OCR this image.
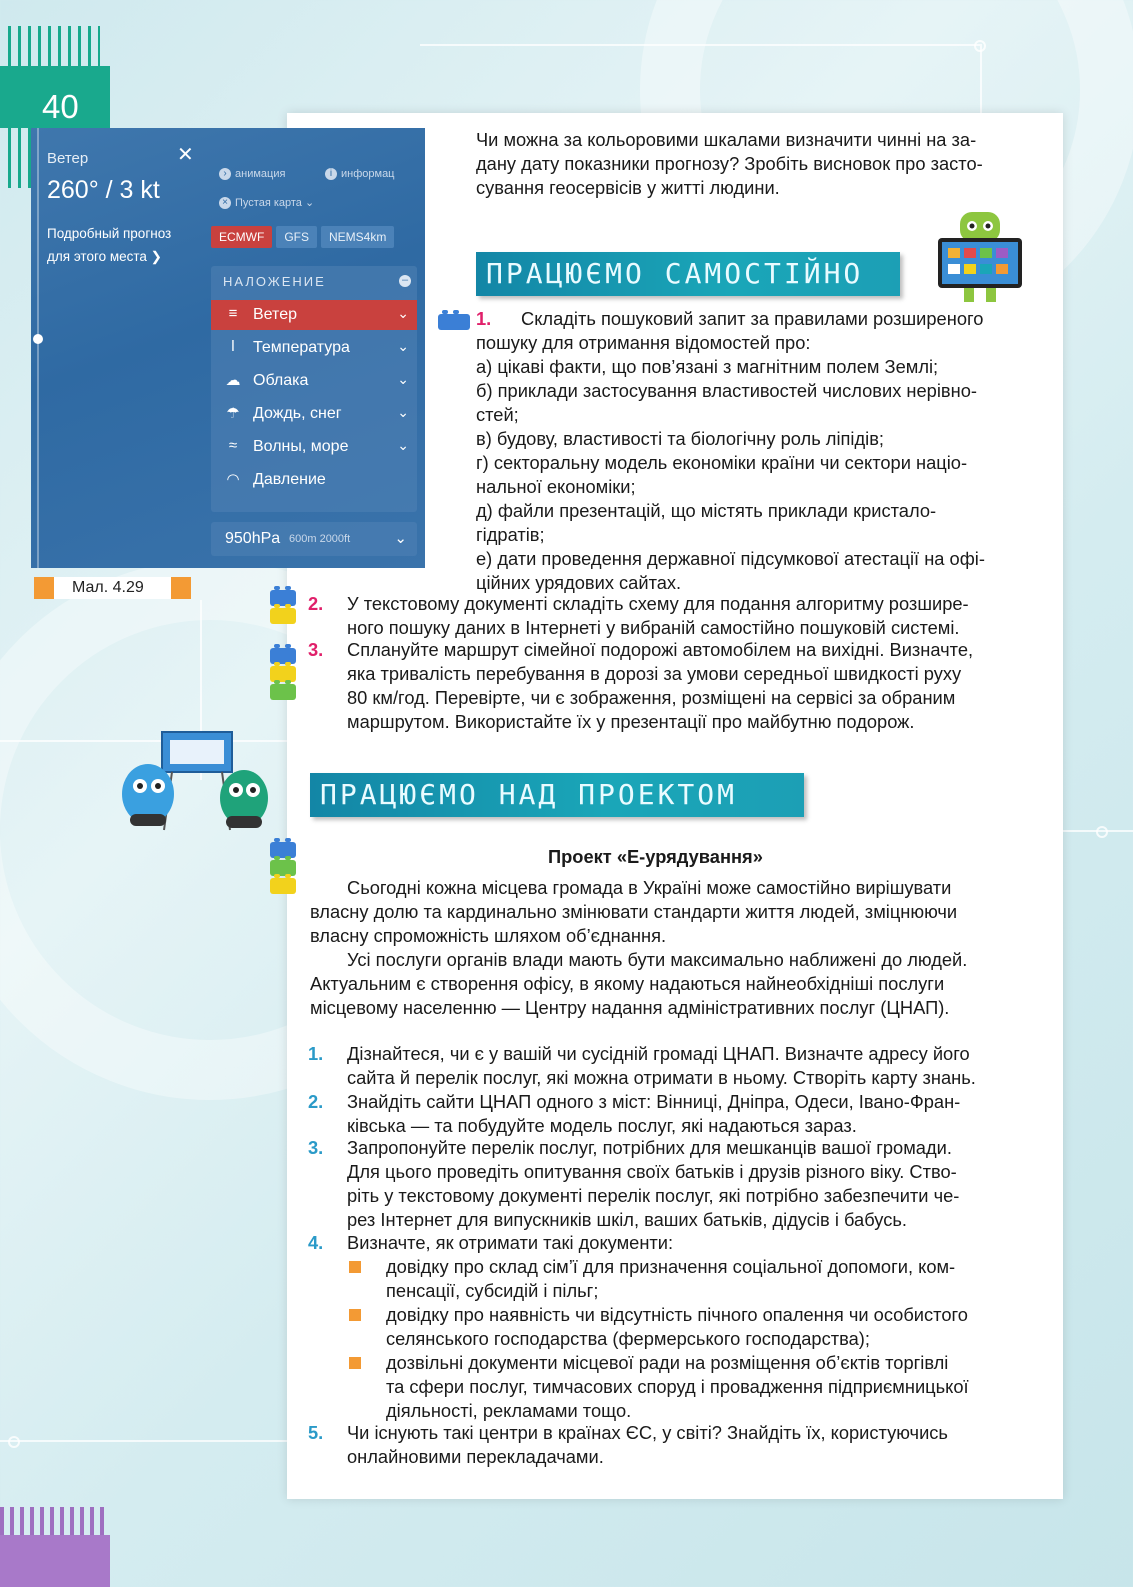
40
✕
Ветер
260° / 3 kt
Подробный прогноз
для этого места ❯
› анимация	i информац
× Пустая карта ⌄
ECMWF	GFS	NEMS4km
НАЛОЖЕНИЕ	–
≡ Ветер	⌄
ǀ	Температура	⌄
☁ Облака	⌄
☂ Дождь, снег	⌄
≈ Волны, море	⌄
◠ Давление
950hPa 600m 2000ft	⌄
Мал. 4.29
Чи можна за кольоровими шкалами визначити чинні на за-
дану дату показники прогнозу? Зробіть висновок про засто-
сування геосервісів у житті людини.
ПРАЦЮЄМО САМОСТІЙНО
1.	Складіть пошуковий запит за правилами розширеного
пошуку для отримання відомостей про:
а) цікаві факти, що пов’язані з магнітним полем Землі;
б) приклади застосування властивостей числових нерівно-
стей;
в) будову, властивості та біологічну роль ліпідів;
г) секторальну модель економіки країни чи сектори націо-
нальної економіки;
д) файли презентацій, що містять приклади кристало-
гідратів;
е) дати проведення державної підсумкової атестації на офі-
ційних урядових сайтах.
2. У текстовому документі складіть схему для подання алгоритму розшире-
ного пошуку даних в Інтернеті у вибраній самостійно пошуковій системі.
3. Сплануйте маршрут сімейної подорожі автомобілем на вихідні. Визначте,
яка тривалість перебування в дорозі за умови середньої швидкості руху
80 км/год. Перевірте, чи є зображення, розміщені на сервісі за обраним
маршрутом. Використайте їх у презентації про майбутню подорож.
ПРАЦЮЄМО НАД ПРОЕКТОМ
Проект «Е-урядування»
Сьогодні кожна місцева громада в Україні може самостійно вирішувати
власну долю та кардинально змінювати стандарти життя людей, зміцнюючи
власну спроможність шляхом об’єднання.
Усі послуги органів влади мають бути максимально наближені до людей.
Актуальним є створення офісу, в якому надаються найнеобхідніші послуги
місцевому населенню — Центру надання адміністративних послуг (ЦНАП).
1. Дізнайтеся, чи є у вашій чи сусідній громаді ЦНАП. Визначте адресу його
сайта й перелік послуг, які можна отримати в ньому. Створіть карту знань.
2. Знайдіть сайти ЦНАП одного з міст: Вінниці, Дніпра, Одеси, Івано-Фран-
ківська — та побудуйте модель послуг, які надаються зараз.
3. Запропонуйте перелік послуг, потрібних для мешканців вашої громади.
Для цього проведіть опитування своїх батьків і друзів різного віку. Ство-
ріть у текстовому документі перелік послуг, які потрібно забезпечити че-
рез Інтернет для випускників шкіл, ваших батьків, дідусів і бабусь.
4. Визначте, як отримати такі документи:
довідку про склад сім’ї для призначення соціальної допомоги, ком-
пенсації, субсидій і пільг;
довідку про наявність чи відсутність пічного опалення чи особистого
селянського господарства (фермерського господарства);
дозвільні документи місцевої ради на розміщення об’єктів торгівлі
та сфери послуг, тимчасових споруд і провадження підприємницької
діяльності, рекламами тощо.
5. Чи існують такі центри в країнах ЄС, у світі? Знайдіть їх, користуючись
онлайновими перекладачами.
